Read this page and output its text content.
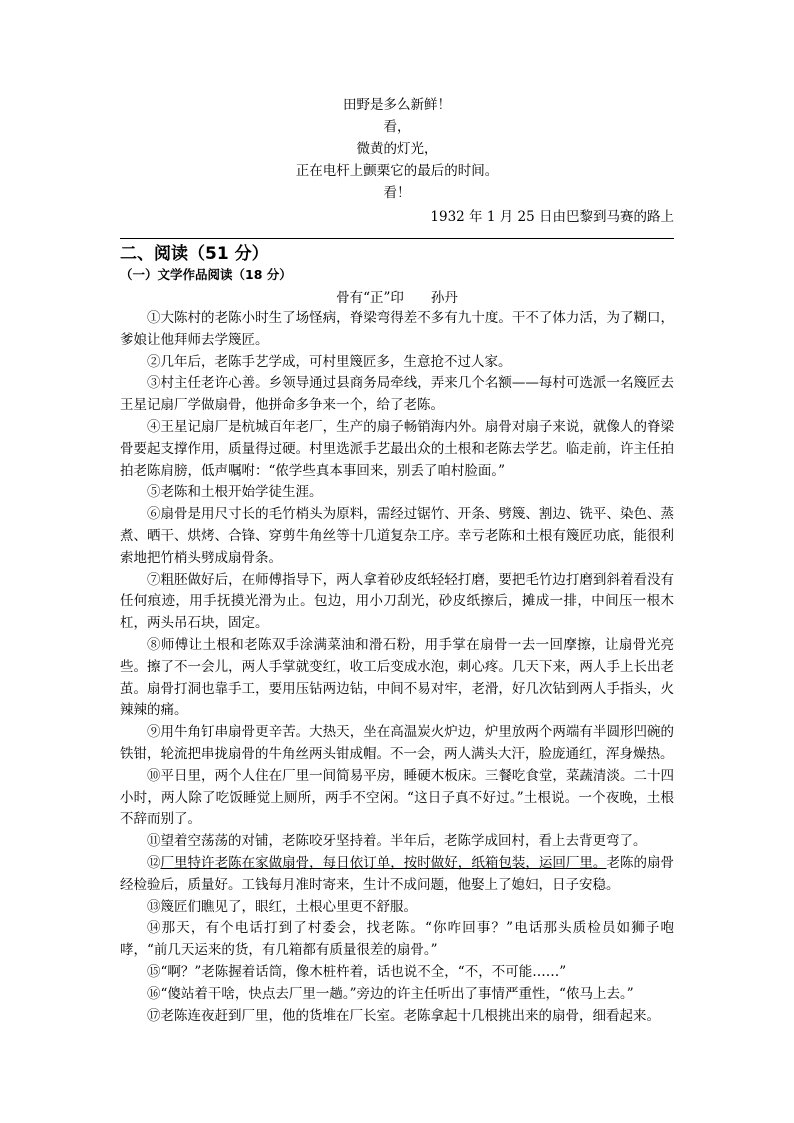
田野是多么新鲜！
看，
微黄的灯光，
正在电杆上颤栗它的最后的时间。
看！
1932 年 1 月 25 日由巴黎到马赛的路上
二、阅读（51 分）
（一）文学作品阅读（18 分）
骨有“正”印　　孙丹

①大陈村的老陈小时生了场怪病，脊梁弯得差不多有九十度。干不了体力活，为了糊口，爹娘让他拜师去学篾匠。

②几年后，老陈手艺学成，可村里篾匠多，生意抢不过人家。

③村主任老许心善。乡领导通过县商务局牵线，弄来几个名额——每村可选派一名篾匠去王星记扇厂学做扇骨，他拼命多争来一个，给了老陈。

④王星记扇厂是杭城百年老厂，生产的扇子畅销海内外。扇骨对扇子来说，就像人的脊梁骨要起支撑作用，质量得过硬。村里选派手艺最出众的土根和老陈去学艺。临走前，许主任拍拍老陈肩膀，低声嘱咐：“侬学些真本事回来，别丢了咱村脸面。”

⑤老陈和土根开始学徒生涯。

⑥扇骨是用尺寸长的毛竹梢头为原料，需经过锯竹、开条、劈篾、割边、铣平、染色、蒸煮、晒干、烘烤、合锋、穿剪牛角丝等十几道复杂工序。幸亏老陈和土根有篾匠功底，能很利索地把竹梢头劈成扇骨条。

⑦粗胚做好后，在师傅指导下，两人拿着砂皮纸轻轻打磨，要把毛竹边打磨到斜着看没有任何痕迹，用手抚摸光滑为止。包边，用小刀刮光，砂皮纸擦后，摊成一排，中间压一根木杠，两头吊石块，固定。

⑧师傅让土根和老陈双手涂满菜油和滑石粉，用手掌在扇骨一去一回摩擦，让扇骨光亮些。擦了不一会儿，两人手掌就变红，收工后变成水泡，刺心疼。几天下来，两人手上长出老茧。扇骨打洞也靠手工，要用压钻两边钻，中间不易对牢，老滑，好几次钻到两人手指头，火辣辣的痛。

⑨用牛角钉串扇骨更辛苦。大热天，坐在高温炭火炉边，炉里放两个两端有半圆形凹碗的铁钳，轮流把串拢扇骨的牛角丝两头钳成帽。不一会，两人满头大汗，脸庞通红，浑身燥热。

⑩平日里，两个人住在厂里一间简易平房，睡硬木板床。三餐吃食堂，菜蔬清淡。二十四小时，两人除了吃饭睡觉上厕所，两手不空闲。“这日子真不好过。”土根说。一个夜晚，土根不辞而别了。

⑪望着空荡荡的对铺，老陈咬牙坚持着。半年后，老陈学成回村，看上去背更弯了。

⑫厂里特许老陈在家做扇骨，每日依订单，按时做好，纸箱包装，运回厂里。老陈的扇骨经检验后，质量好。工钱每月准时寄来，生计不成问题，他娶上了媳妇，日子安稳。

⑬篾匠们瞧见了，眼红，土根心里更不舒服。

⑭那天，有个电话打到了村委会，找老陈。“你咋回事？”电话那头质检员如狮子咆哮，“前几天运来的货，有几箱都有质量很差的扇骨。”

⑮“啊？”老陈握着话筒，像木桩杵着，话也说不全，“不，不可能……”

⑯“傻站着干啥，快点去厂里一趟。”旁边的许主任听出了事情严重性，“侬马上去。”

⑰老陈连夜赶到厂里，他的货堆在厂长室。老陈拿起十几根挑出来的扇骨，细看起来。
